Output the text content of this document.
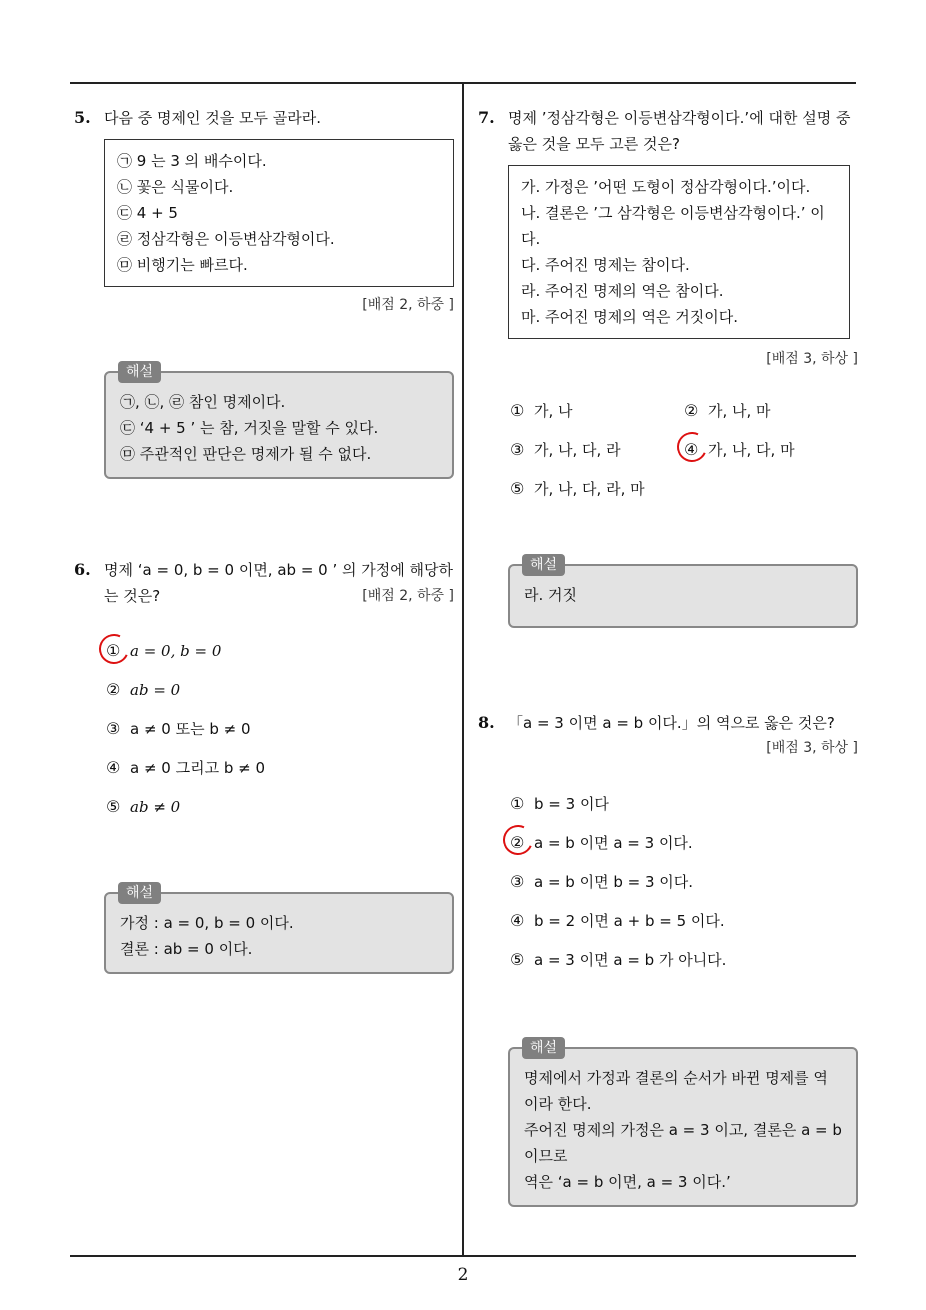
5. 다음 중 명제인 것을 모두 골라라.
㉠ 9 는 3 의 배수이다.
㉡ 꽃은 식물이다.
㉢ 4 + 5
㉣ 정삼각형은 이등변삼각형이다.
㉤ 비행기는 빠르다.
[배점 2, 하중 ]
해설
㉠, ㉡, ㉣ 참인 명제이다.
㉢ ‘4 + 5 ’ 는 참, 거짓을 말할 수 있다.
㉤ 주관적인 판단은 명제가 될 수 없다.
6. 명제 ‘a = 0, b = 0 이면, ab = 0 ’ 의 가정에 해당하는 것은?	[배점 2, 하중 ]
① a = 0, b = 0
② ab = 0
③ a ≠ 0 또는 b ≠ 0
④ a ≠ 0 그리고 b ≠ 0
⑤ ab ≠ 0
해설
가정 : a = 0, b = 0 이다.
결론 : ab = 0 이다.
7. 명제 ’정삼각형은 이등변삼각형이다.’에 대한 설명 중 옳은 것을 모두 고른 것은?
가. 가정은 ’어떤 도형이 정삼각형이다.’이다.
나. 결론은 ’그 삼각형은 이등변삼각형이다.’ 이다.
다. 주어진 명제는 참이다.
라. 주어진 명제의 역은 참이다.
마. 주어진 명제의 역은 거짓이다.
[배점 3, 하상 ]
① 가, 나	② 가, 나, 마
③ 가, 나, 다, 라	④ 가, 나, 다, 마
⑤ 가, 나, 다, 라, 마
해설
라. 거짓
8. 「a = 3 이면 a = b 이다.」의 역으로 옳은 것은?
[배점 3, 하상 ]
① b = 3 이다
② a = b 이면 a = 3 이다.
③ a = b 이면 b = 3 이다.
④ b = 2 이면 a + b = 5 이다.
⑤ a = 3 이면 a = b 가 아니다.
해설
명제에서 가정과 결론의 순서가 바뀐 명제를 역이라 한다.
주어진 명제의 가정은 a = 3 이고, 결론은 a = b 이므로
역은 ‘a = b 이면, a = 3 이다.’
2
